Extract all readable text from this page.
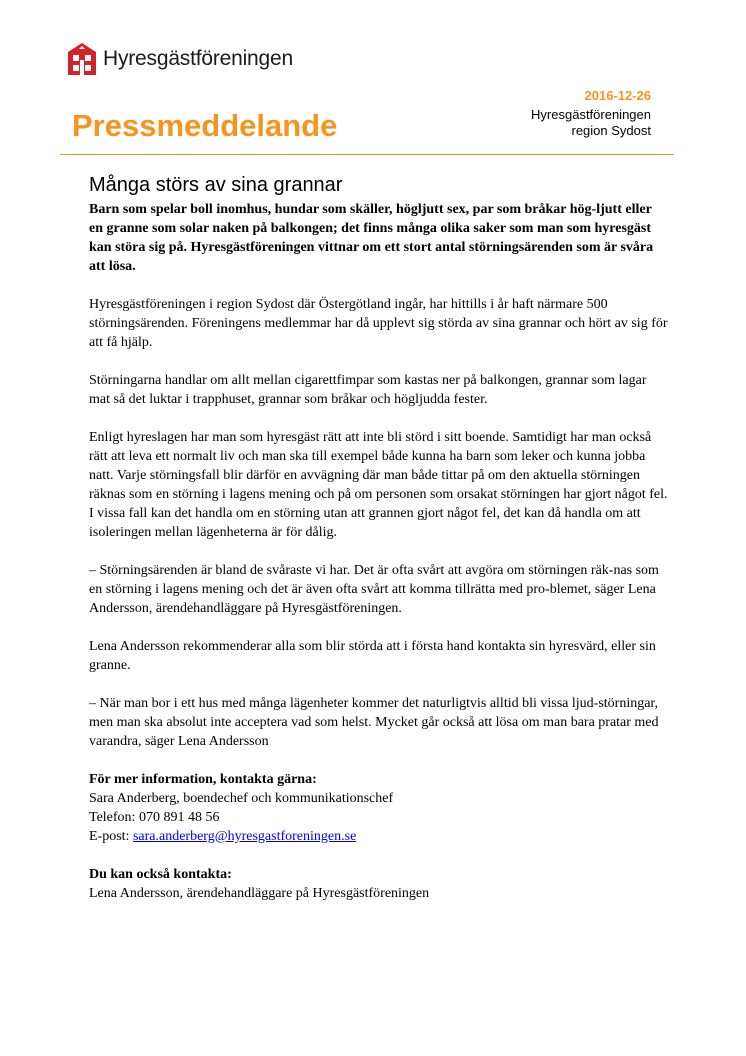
Hyresgästföreningen
Pressmeddelande
2016-12-26
Hyresgästföreningen
region Sydost
Många störs av sina grannar

Barn som spelar boll inomhus, hundar som skäller, högljutt sex, par som bråkar hög-ljutt eller en granne som solar naken på balkongen; det finns många olika saker som man som hyresgäst kan störa sig på. Hyresgästföreningen vittnar om ett stort antal störningsärenden som är svåra att lösa.

Hyresgästföreningen i region Sydost där Östergötland ingår, har hittills i år haft närmare 500 störningsärenden. Föreningens medlemmar har då upplevt sig störda av sina grannar och hört av sig för att få hjälp.

Störningarna handlar om allt mellan cigarettfimpar som kastas ner på balkongen, grannar som lagar mat så det luktar i trapphuset, grannar som bråkar och högljudda fester.

Enligt hyreslagen har man som hyresgäst rätt att inte bli störd i sitt boende. Samtidigt har man också rätt att leva ett normalt liv och man ska till exempel både kunna ha barn som leker och kunna jobba natt. Varje störningsfall blir därför en avvägning där man både tittar på om den aktuella störningen räknas som en störning i lagens mening och på om personen som orsakat störningen har gjort något fel. I vissa fall kan det handla om en störning utan att grannen gjort något fel, det kan då handla om att isoleringen mellan lägenheterna är för dålig.

– Störningsärenden är bland de svåraste vi har. Det är ofta svårt att avgöra om störningen räk-nas som en störning i lagens mening och det är även ofta svårt att komma tillrätta med pro-blemet, säger Lena Andersson, ärendehandläggare på Hyresgästföreningen.

Lena Andersson rekommenderar alla som blir störda att i första hand kontakta sin hyresvärd, eller sin granne.

– När man bor i ett hus med många lägenheter kommer det naturligtvis alltid bli vissa ljud-störningar, men man ska absolut inte acceptera vad som helst. Mycket går också att lösa om man bara pratar med varandra, säger Lena Andersson

För mer information, kontakta gärna:
Sara Anderberg, boendechef och kommunikationschef
Telefon: 070 891 48 56
E-post: sara.anderberg@hyresgastforeningen.se
Du kan också kontakta:
Lena Andersson, ärendehandläggare på Hyresgästföreningen
